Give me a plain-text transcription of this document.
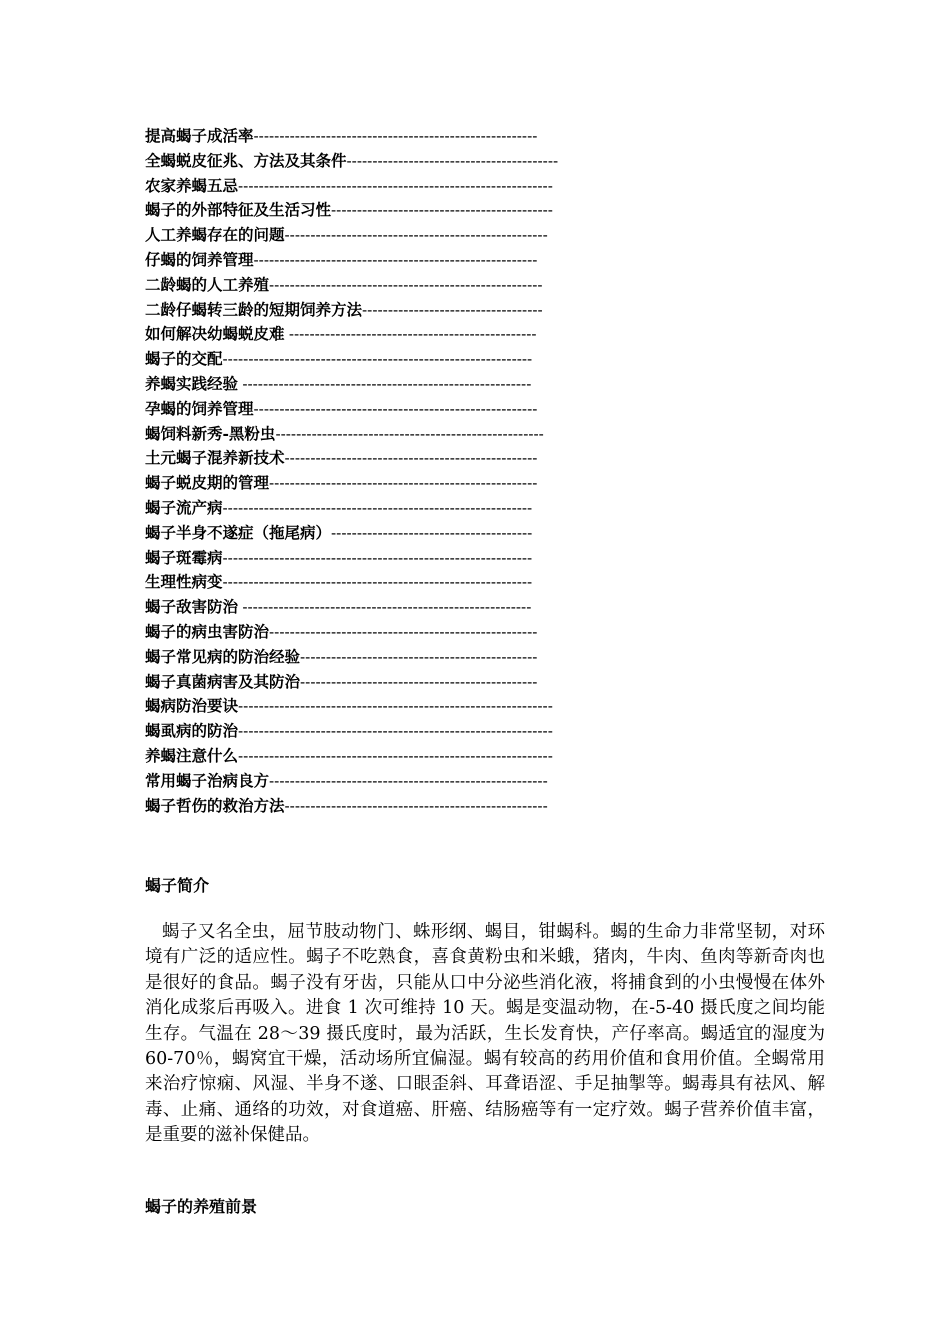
提高蝎子成活率-------------------------------------------------------
全蝎蜕皮征兆、方法及其条件-----------------------------------------
农家养蝎五忌-------------------------------------------------------------
蝎子的外部特征及生活习性-------------------------------------------
人工养蝎存在的问题---------------------------------------------------
仔蝎的饲养管理-------------------------------------------------------
二龄蝎的人工养殖-----------------------------------------------------
二龄仔蝎转三龄的短期饲养方法-----------------------------------
如何解决幼蝎蜕皮难 ------------------------------------------------
蝎子的交配------------------------------------------------------------
养蝎实践经验 --------------------------------------------------------
孕蝎的饲养管理-------------------------------------------------------
蝎饲料新秀-黑粉虫----------------------------------------------------
土元蝎子混养新技术-------------------------------------------------
蝎子蜕皮期的管理----------------------------------------------------
蝎子流产病------------------------------------------------------------
蝎子半身不遂症（拖尾病）---------------------------------------
蝎子斑霉病------------------------------------------------------------
生理性病变------------------------------------------------------------
蝎子敌害防治 --------------------------------------------------------
蝎子的病虫害防治----------------------------------------------------
蝎子常见病的防治经验----------------------------------------------
蝎子真菌病害及其防治----------------------------------------------
蝎病防治要诀-------------------------------------------------------------
蝎虱病的防治-------------------------------------------------------------
养蝎注意什么-------------------------------------------------------------
常用蝎子治病良方------------------------------------------------------
蝎子哲伤的救治方法---------------------------------------------------
蝎子简介
蝎子又名全虫，屈节肢动物门、蛛形纲、蝎目，钳蝎科。蝎的生命力非常坚韧，对环境有广泛的适应性。蝎子不吃熟食，喜食黄粉虫和米蛾，猪肉，牛肉、鱼肉等新奇肉也是很好的食品。蝎子没有牙齿，只能从口中分泌些消化液，将捕食到的小虫慢慢在体外消化成浆后再吸入。进食 1 次可维持 10 天。蝎是变温动物，在-5-40 摄氏度之间均能生存。气温在 28～39 摄氏度时，最为活跃，生长发育快，产仔率高。蝎适宜的湿度为 60-70％，蝎窝宜干燥，活动场所宜偏湿。蝎有较高的药用价值和食用价值。全蝎常用来治疗惊痫、风湿、半身不遂、口眼歪斜、耳聋语涩、手足抽掣等。蝎毒具有祛风、解毒、止痛、通络的功效，对食道癌、肝癌、结肠癌等有一定疗效。蝎子营养价值丰富，是重要的滋补保健品。
蝎子的养殖前景
